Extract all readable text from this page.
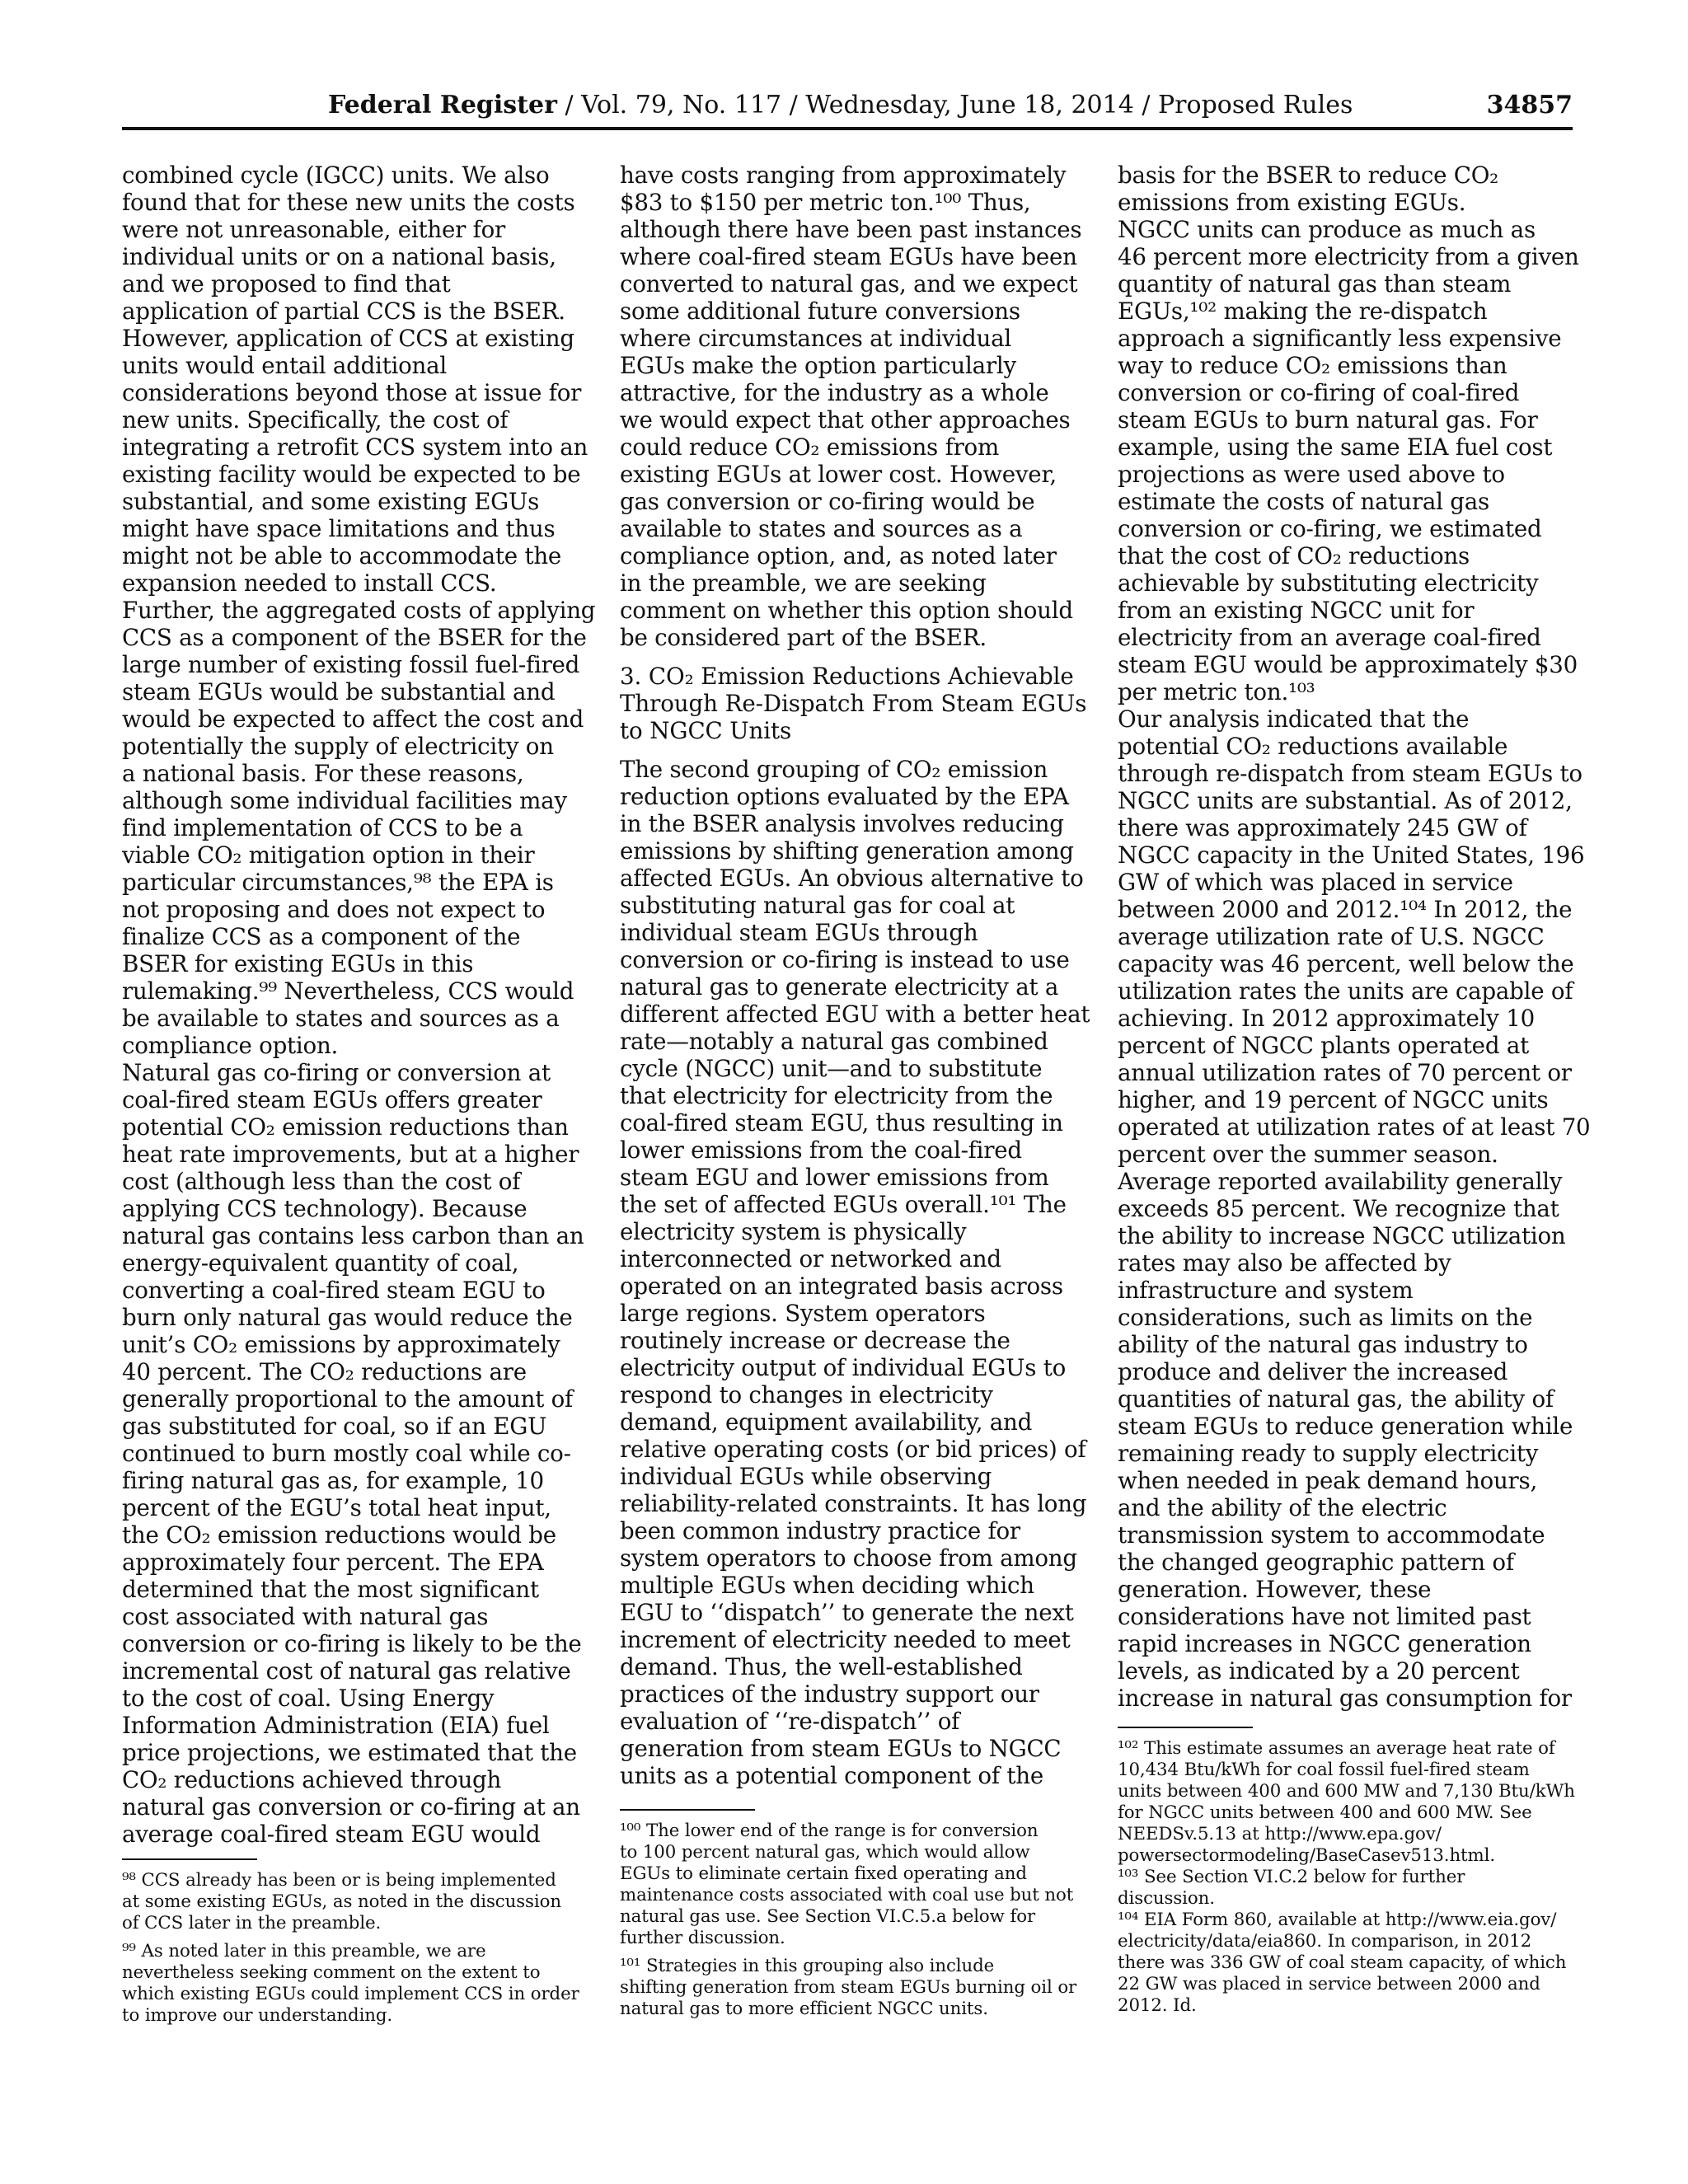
Federal Register / Vol. 79, No. 117 / Wednesday, June 18, 2014 / Proposed Rules	34857

combined cycle (IGCC) units. We also

found that for these new units the costs

were not unreasonable, either for

individual units or on a national basis,

and we proposed to find that

application of partial CCS is the BSER.

However, application of CCS at existing

units would entail additional

considerations beyond those at issue for

new units. Specifically, the cost of

integrating a retrofit CCS system into an

existing facility would be expected to be

substantial, and some existing EGUs

might have space limitations and thus

might not be able to accommodate the

expansion needed to install CCS.

Further, the aggregated costs of applying

CCS as a component of the BSER for the

large number of existing fossil fuel-fired

steam EGUs would be substantial and

would be expected to affect the cost and

potentially the supply of electricity on

a national basis. For these reasons,

although some individual facilities may

find implementation of CCS to be a

viable CO₂ mitigation option in their

particular circumstances,⁹⁸ the EPA is

not proposing and does not expect to

finalize CCS as a component of the

BSER for existing EGUs in this

rulemaking.⁹⁹ Nevertheless, CCS would

be available to states and sources as a

compliance option.

Natural gas co-firing or conversion at

coal-fired steam EGUs offers greater

potential CO₂ emission reductions than

heat rate improvements, but at a higher

cost (although less than the cost of

applying CCS technology). Because

natural gas contains less carbon than an

energy-equivalent quantity of coal,

converting a coal-fired steam EGU to

burn only natural gas would reduce the

unit’s CO₂ emissions by approximately

40 percent. The CO₂ reductions are

generally proportional to the amount of

gas substituted for coal, so if an EGU

continued to burn mostly coal while co-

firing natural gas as, for example, 10

percent of the EGU’s total heat input,

the CO₂ emission reductions would be

approximately four percent. The EPA

determined that the most significant

cost associated with natural gas

conversion or co-firing is likely to be the

incremental cost of natural gas relative

to the cost of coal. Using Energy

Information Administration (EIA) fuel

price projections, we estimated that the

CO₂ reductions achieved through

natural gas conversion or co-firing at an

average coal-fired steam EGU would

have costs ranging from approximately

$83 to $150 per metric ton.¹⁰⁰ Thus,

although there have been past instances

where coal-fired steam EGUs have been

converted to natural gas, and we expect

some additional future conversions

where circumstances at individual

EGUs make the option particularly

attractive, for the industry as a whole

we would expect that other approaches

could reduce CO₂ emissions from

existing EGUs at lower cost. However,

gas conversion or co-firing would be

available to states and sources as a

compliance option, and, as noted later

in the preamble, we are seeking

comment on whether this option should

be considered part of the BSER.

3. CO₂ Emission Reductions Achievable

Through Re-Dispatch From Steam EGUs

to NGCC Units

The second grouping of CO₂ emission

reduction options evaluated by the EPA

in the BSER analysis involves reducing

emissions by shifting generation among

affected EGUs. An obvious alternative to

substituting natural gas for coal at

individual steam EGUs through

conversion or co-firing is instead to use

natural gas to generate electricity at a

different affected EGU with a better heat

rate—notably a natural gas combined

cycle (NGCC) unit—and to substitute

that electricity for electricity from the

coal-fired steam EGU, thus resulting in

lower emissions from the coal-fired

steam EGU and lower emissions from

the set of affected EGUs overall.¹⁰¹ The

electricity system is physically

interconnected or networked and

operated on an integrated basis across

large regions. System operators

routinely increase or decrease the

electricity output of individual EGUs to

respond to changes in electricity

demand, equipment availability, and

relative operating costs (or bid prices) of

individual EGUs while observing

reliability-related constraints. It has long

been common industry practice for

system operators to choose from among

multiple EGUs when deciding which

EGU to ‘‘dispatch’’ to generate the next

increment of electricity needed to meet

demand. Thus, the well-established

practices of the industry support our

evaluation of ‘‘re-dispatch’’ of

generation from steam EGUs to NGCC

units as a potential component of the

basis for the BSER to reduce CO₂

emissions from existing EGUs.

NGCC units can produce as much as

46 percent more electricity from a given

quantity of natural gas than steam

EGUs,¹⁰² making the re-dispatch

approach a significantly less expensive

way to reduce CO₂ emissions than

conversion or co-firing of coal-fired

steam EGUs to burn natural gas. For

example, using the same EIA fuel cost

projections as were used above to

estimate the costs of natural gas

conversion or co-firing, we estimated

that the cost of CO₂ reductions

achievable by substituting electricity

from an existing NGCC unit for

electricity from an average coal-fired

steam EGU would be approximately $30

per metric ton.¹⁰³

Our analysis indicated that the

potential CO₂ reductions available

through re-dispatch from steam EGUs to

NGCC units are substantial. As of 2012,

there was approximately 245 GW of

NGCC capacity in the United States, 196

GW of which was placed in service

between 2000 and 2012.¹⁰⁴ In 2012, the

average utilization rate of U.S. NGCC

capacity was 46 percent, well below the

utilization rates the units are capable of

achieving. In 2012 approximately 10

percent of NGCC plants operated at

annual utilization rates of 70 percent or

higher, and 19 percent of NGCC units

operated at utilization rates of at least 70

percent over the summer season.

Average reported availability generally

exceeds 85 percent. We recognize that

the ability to increase NGCC utilization

rates may also be affected by

infrastructure and system

considerations, such as limits on the

ability of the natural gas industry to

produce and deliver the increased

quantities of natural gas, the ability of

steam EGUs to reduce generation while

remaining ready to supply electricity

when needed in peak demand hours,

and the ability of the electric

transmission system to accommodate

the changed geographic pattern of

generation. However, these

considerations have not limited past

rapid increases in NGCC generation

levels, as indicated by a 20 percent

increase in natural gas consumption for

⁹⁸ CCS already has been or is being implemented

at some existing EGUs, as noted in the discussion

of CCS later in the preamble.

⁹⁹ As noted later in this preamble, we are

nevertheless seeking comment on the extent to

which existing EGUs could implement CCS in order

to improve our understanding.

¹⁰⁰ The lower end of the range is for conversion

to 100 percent natural gas, which would allow

EGUs to eliminate certain fixed operating and

maintenance costs associated with coal use but not

natural gas use. See Section VI.C.5.a below for

further discussion.

¹⁰¹ Strategies in this grouping also include

shifting generation from steam EGUs burning oil or

natural gas to more efficient NGCC units.

¹⁰² This estimate assumes an average heat rate of

10,434 Btu/kWh for coal fossil fuel-fired steam

units between 400 and 600 MW and 7,130 Btu/kWh

for NGCC units between 400 and 600 MW. See

NEEDSv.5.13 at http://www.epa.gov/

powersectormodeling/BaseCasev513.html.

¹⁰³ See Section VI.C.2 below for further

discussion.

¹⁰⁴ EIA Form 860, available at http://www.eia.gov/

electricity/data/eia860. In comparison, in 2012

there was 336 GW of coal steam capacity, of which

22 GW was placed in service between 2000 and

2012. Id.
